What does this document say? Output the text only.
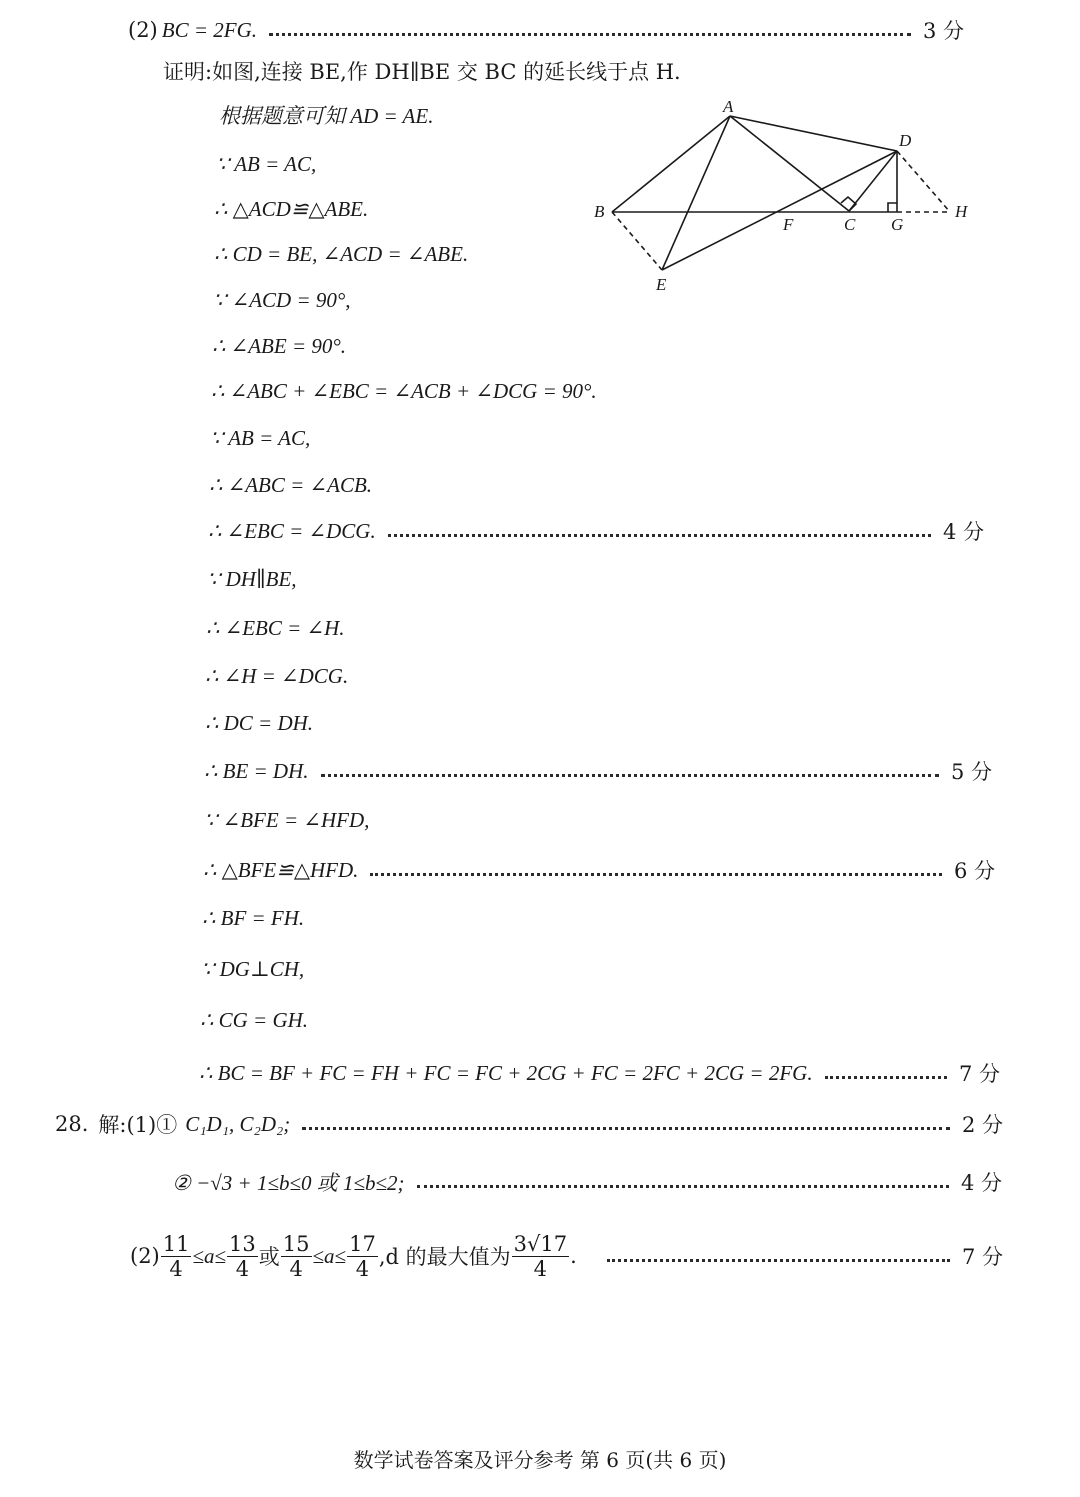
(2) BC = 2FG.	3 分
证明:如图,连接 BE,作 DH∥BE 交 BC 的延长线于点 H.
A
B
C
D
E
F	G
H
根据题意可知 AD = AE.
∵ AB = AC,
∴ △ACD≌△ABE.
∴ CD = BE, ∠ACD = ∠ABE.
∵ ∠ACD = 90°,
∴ ∠ABE = 90°.
∴ ∠ABC + ∠EBC = ∠ACB + ∠DCG = 90°.
∵ AB = AC,
∴ ∠ABC = ∠ACB.
∴ ∠EBC = ∠DCG.	4 分
∵ DH∥BE,
∴ ∠EBC = ∠H.
∴ ∠H = ∠DCG.
∴ DC = DH.
∴ BE = DH.	5 分
∵ ∠BFE = ∠HFD,
∴ △BFE≌△HFD.	6 分
∴ BF = FH.
∵ DG⊥CH,
∴ CG = GH.
∴ BC = BF + FC = FH + FC = FC + 2CG + FC = 2FC + 2CG = 2FG.	7 分
28. 解:(1)① C₁D₁, C₂D₂;	2 分
② −√3 + 1≤b≤0 或 1≤b≤2;	4 分
$(2) \frac{11}{4} \le a\le \frac{13}{4}$ 或 $\frac{15}{4} \le a\le \frac{17}{4} ,d$ 的最大值为 $\frac{3√17}{4}$ .	7 分
数学试卷答案及评分参考 第 6 页(共 6 页)
